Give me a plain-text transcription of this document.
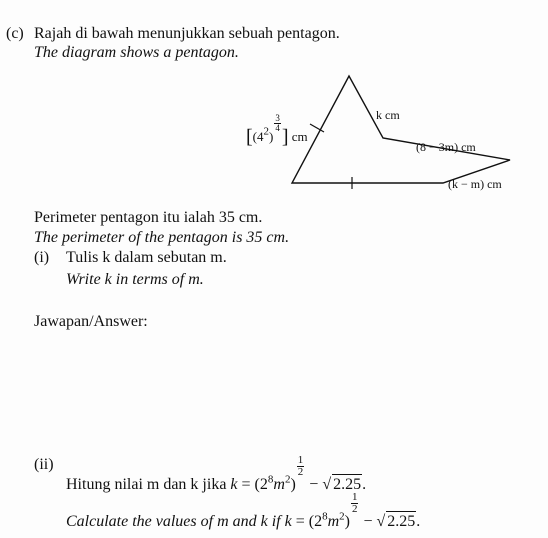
(c) Rajah di bawah menunjukkan sebuah pentagon.
The diagram shows a pentagon.
[$(4^2)$
$\frac{3}{4}$
] cm
k cm
(8 − 3m) cm
(k − m) cm
Perimeter pentagon itu ialah 35 cm.
The perimeter of the pentagon is 35 cm.
(i) Tulis k dalam sebutan m.
Write k in terms of m.
Jawapan/Answer:
(ii)
Hitung nilai m dan k jika $k = (2^8m^2)$
$\frac{1}{2}$
− √ 2.25.
Calculate the values of m and k if $k = (2^8m^2)$
$\frac{1}{2}$
− √ 2.25.
